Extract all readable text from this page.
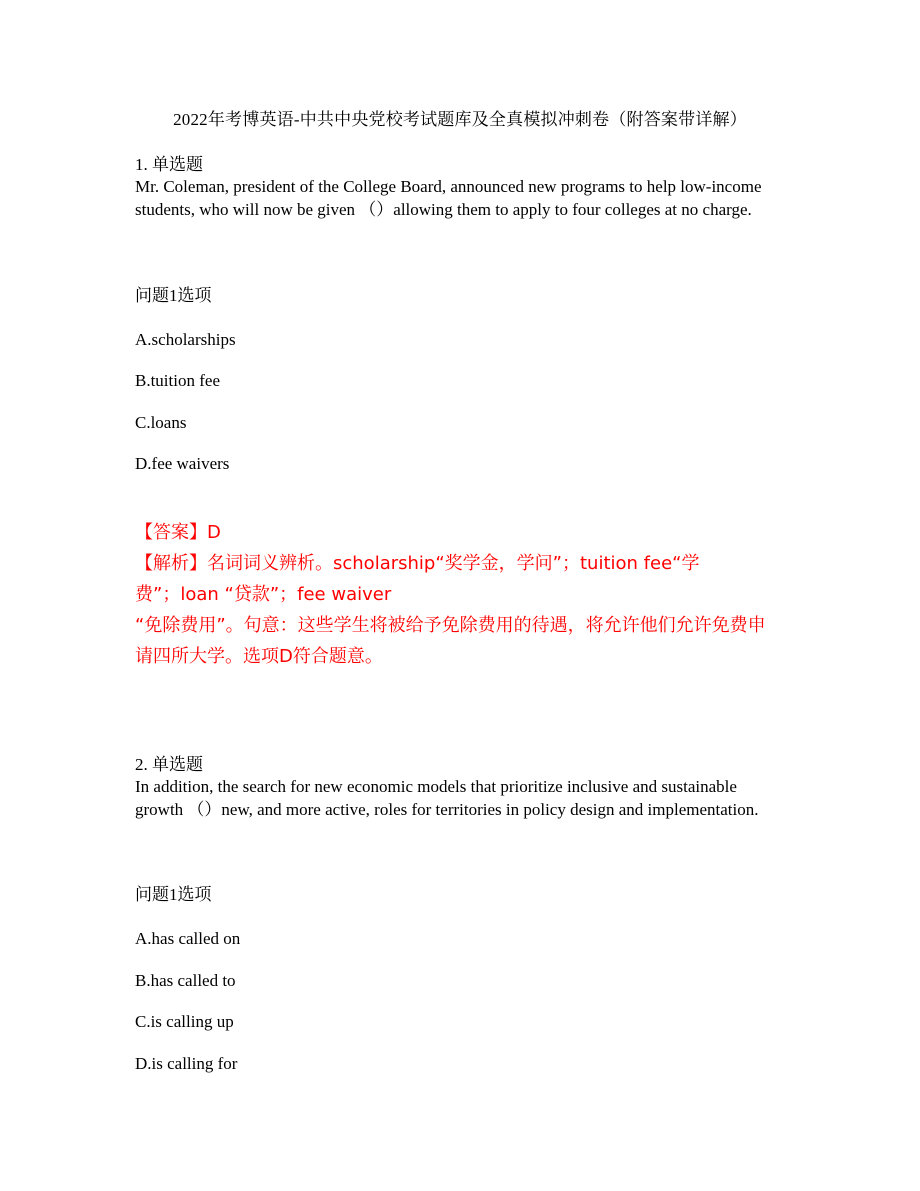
2022年考博英语-中共中央党校考试题库及全真模拟冲刺卷（附答案带详解）
1. 单选题
Mr. Coleman, president of the College Board, announced new programs to help low-income students, who will now be given （）allowing them to apply to four colleges at no charge.
问题1选项
A.scholarships
B.tuition fee
C.loans
D.fee waivers

【答案】D

【解析】名词词义辨析。scholarship“奖学金，学问”；tuition fee“学

费”；loan “贷款”；fee waiver

“免除费用”。句意：这些学生将被给予免除费用的待遇，将允许他们允许免费申

请四所大学。选项D符合题意。

2. 单选题
In addition, the search for new economic models that prioritize inclusive and sustainable growth （）new, and more active, roles for territories in policy design and implementation.
问题1选项
A.has called on
B.has called to
C.is calling up
D.is calling for
